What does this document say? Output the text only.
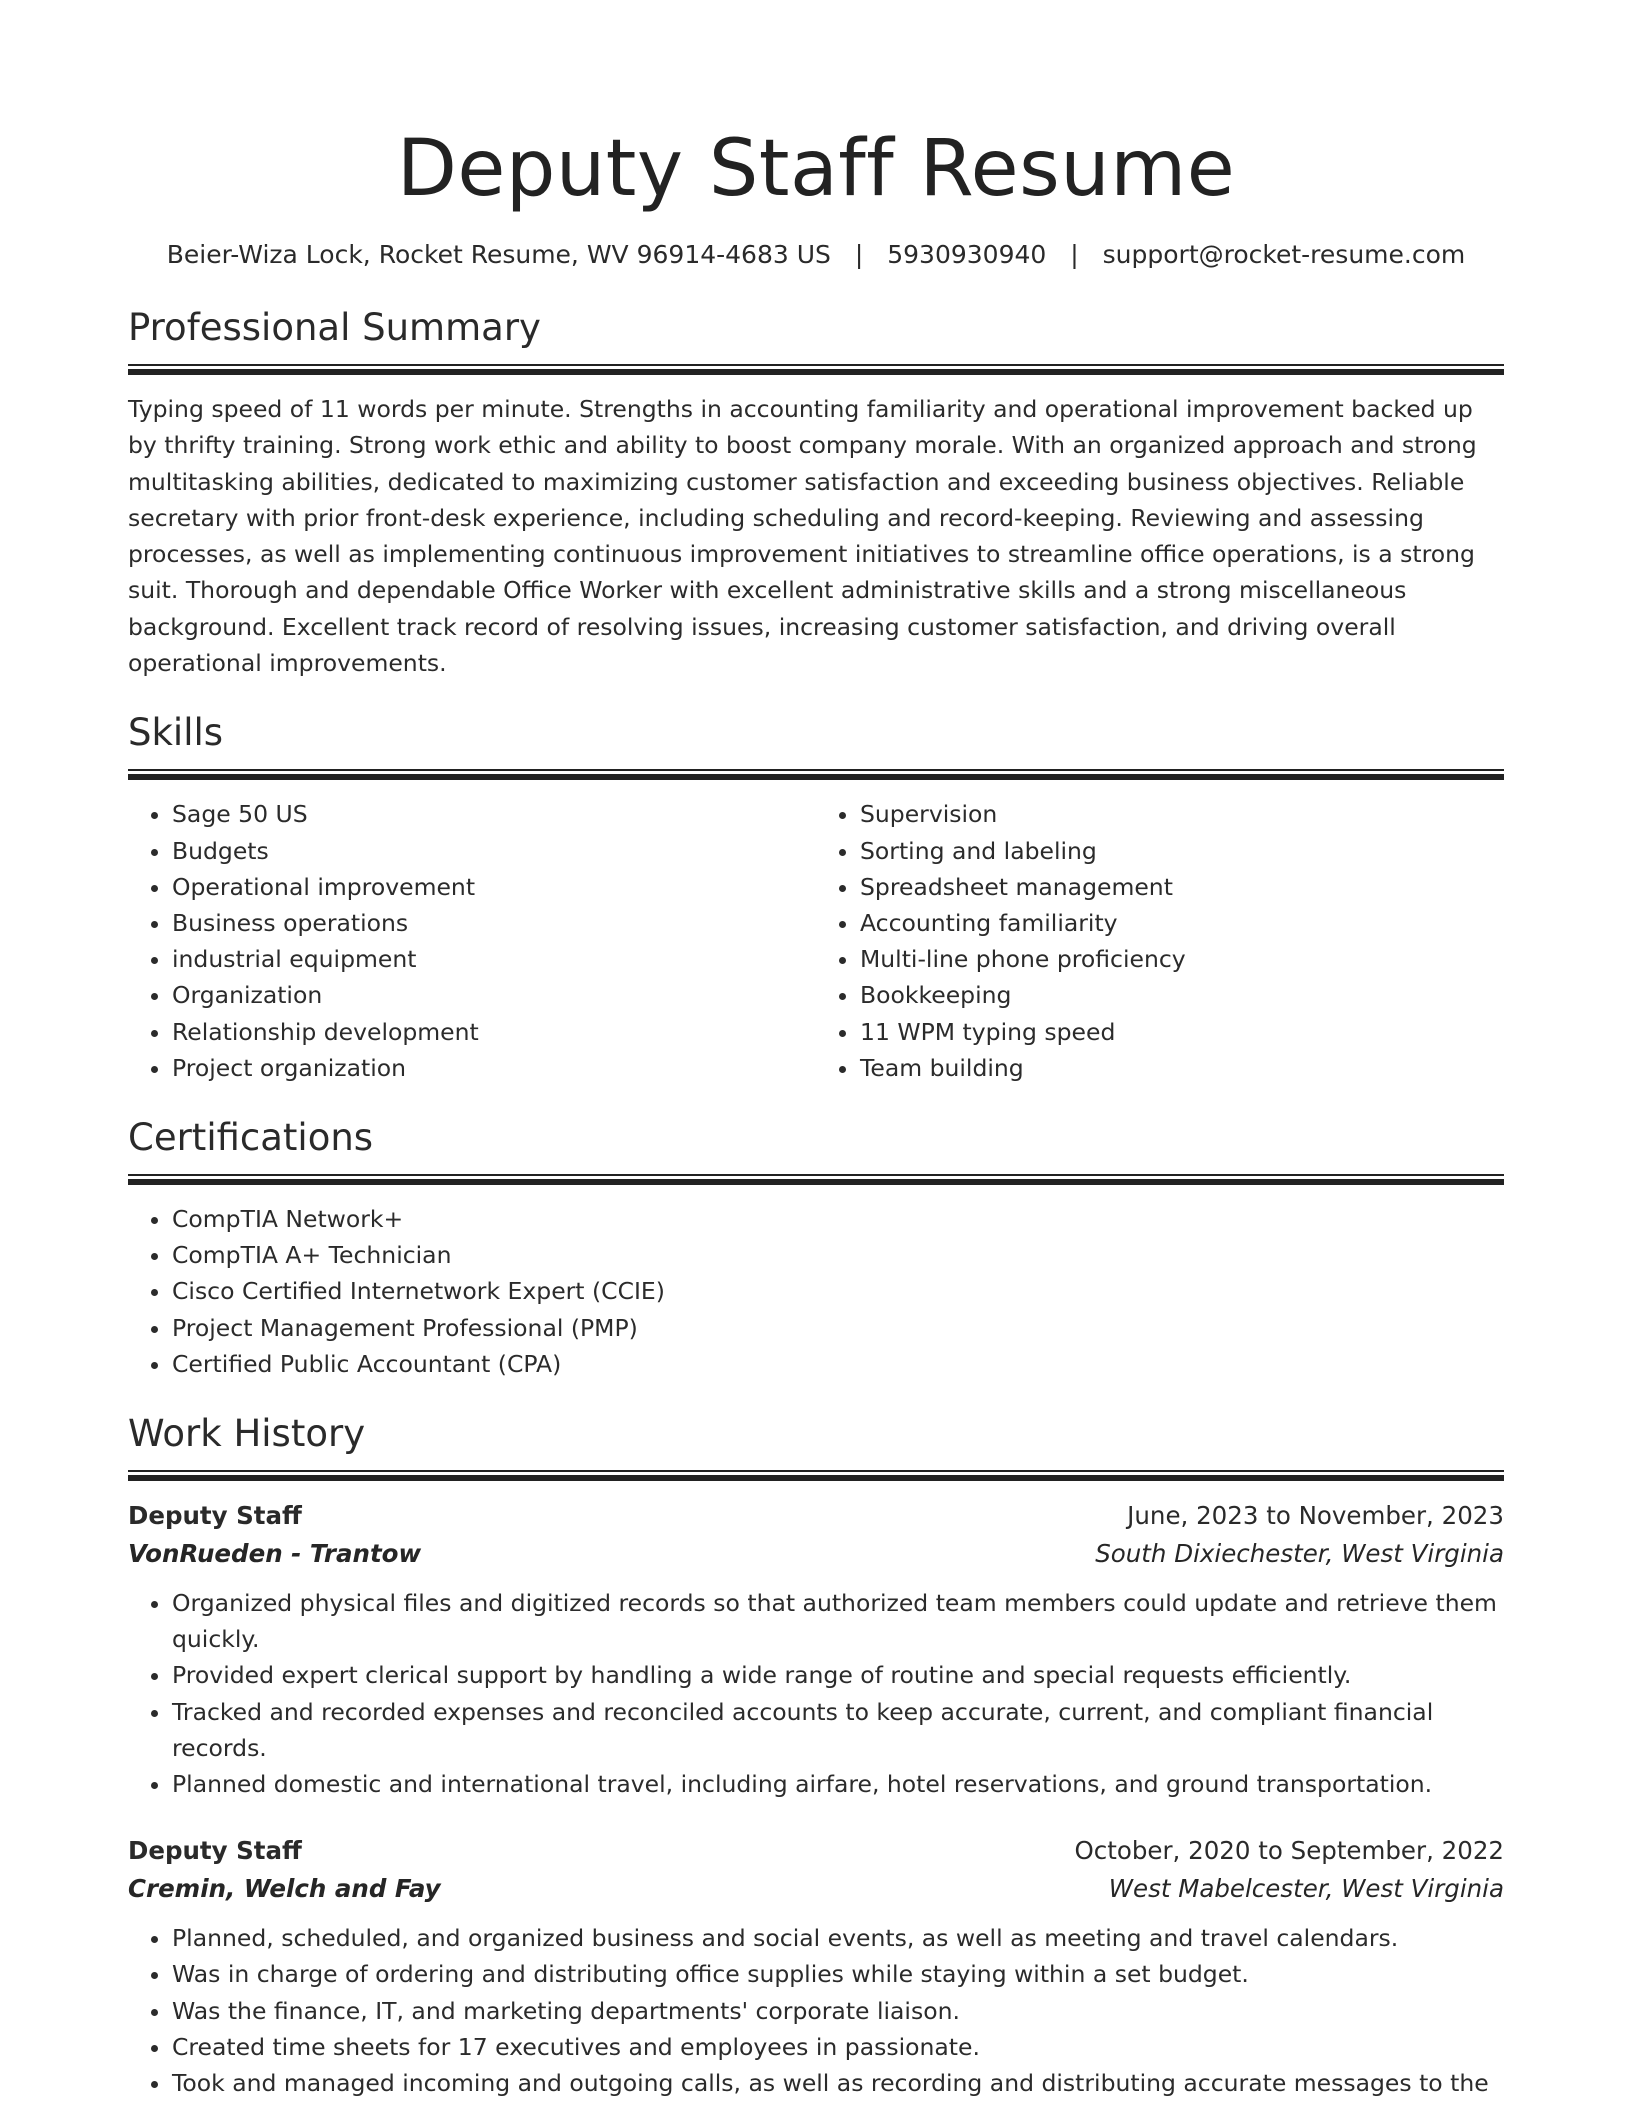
Deputy Staff Resume
Beier-Wiza Lock, Rocket Resume, WV 96914-4683 US | 5930930940 | support@rocket-resume.com
Professional Summary

Typing speed of 11 words per minute. Strengths in accounting familiarity and operational improvement backed up by thrifty training. Strong work ethic and ability to boost company morale. With an organized approach and strong multitasking abilities, dedicated to maximizing customer satisfaction and exceeding business objectives. Reliable secretary with prior front-desk experience, including scheduling and record-keeping. Reviewing and assessing processes, as well as implementing continuous improvement initiatives to streamline office operations, is a strong suit. Thorough and dependable Office Worker with excellent administrative skills and a strong miscellaneous background. Excellent track record of resolving issues, increasing customer satisfaction, and driving overall operational improvements.

Skills
• Sage 50 US
• Budgets
• Operational improvement
• Business operations
• industrial equipment
• Organization
• Relationship development
• Project organization
• Supervision
• Sorting and labeling
• Spreadsheet management
• Accounting familiarity
• Multi-line phone proficiency
• Bookkeeping
• 11 WPM typing speed
• Team building
Certifications
• CompTIA Network+
• CompTIA A+ Technician
• Cisco Certified Internetwork Expert (CCIE)
• Project Management Professional (PMP)
• Certified Public Accountant (CPA)
Work History
Deputy Staff	June, 2023 to November, 2023
VonRueden - Trantow	South Dixiechester, West Virginia
• Organized physical files and digitized records so that authorized team members could update and retrieve them quickly.
• Provided expert clerical support by handling a wide range of routine and special requests efficiently.
• Tracked and recorded expenses and reconciled accounts to keep accurate, current, and compliant financial records.
• Planned domestic and international travel, including airfare, hotel reservations, and ground transportation.
Deputy Staff	October, 2020 to September, 2022
Cremin, Welch and Fay	West Mabelcester, West Virginia
• Planned, scheduled, and organized business and social events, as well as meeting and travel calendars.
• Was in charge of ordering and distributing office supplies while staying within a set budget.
• Was the finance, IT, and marketing departments' corporate liaison.
• Created time sheets for 17 executives and employees in passionate.
• Took and managed incoming and outgoing calls, as well as recording and distributing accurate messages to the
